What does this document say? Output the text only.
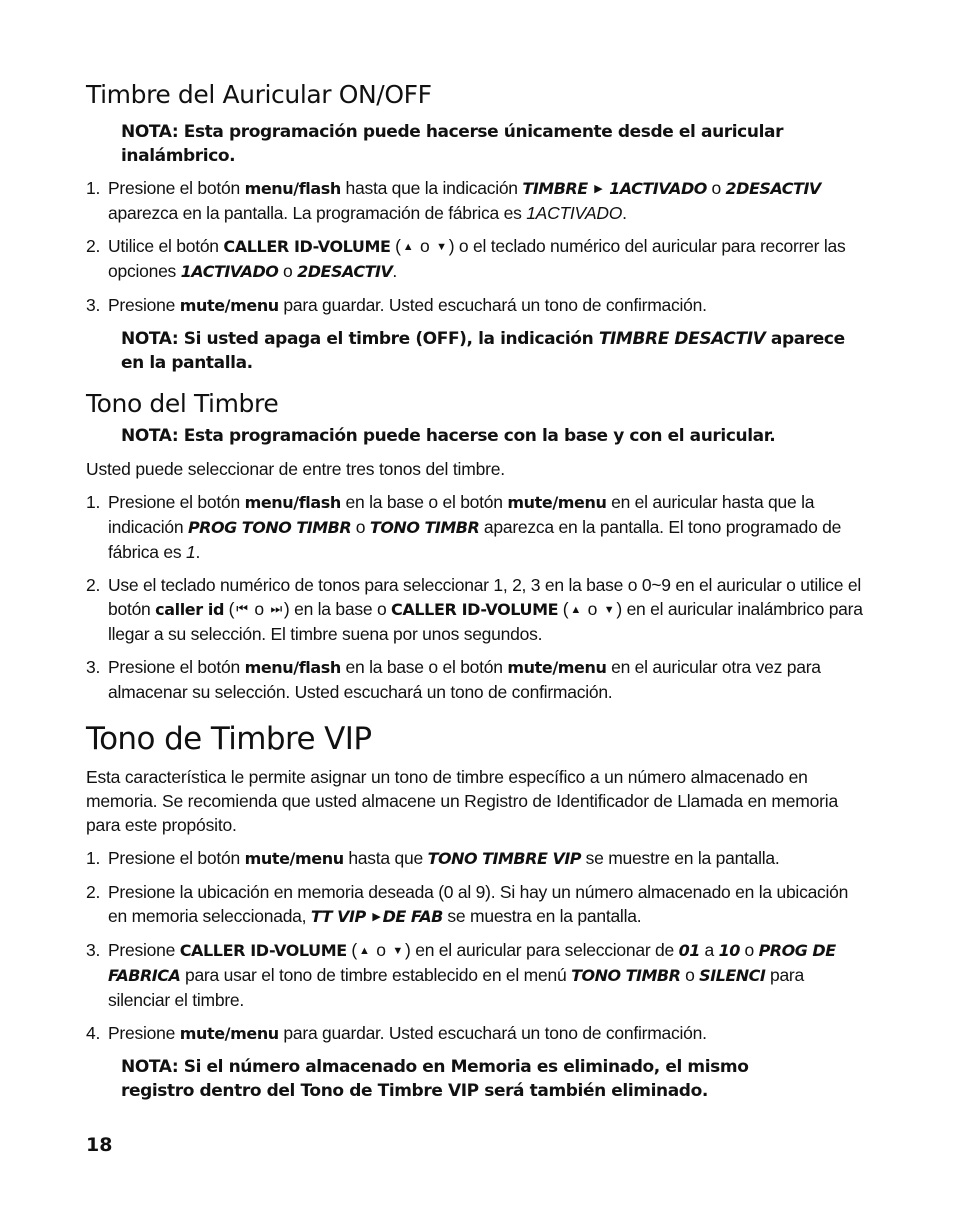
Timbre del Auricular ON/OFF

NOTA: Esta programación puede hacerse únicamente desde el auricular inalámbrico.

1. Presione el botón menu/flash hasta que la indicación TIMBRE ▶ 1ACTIVADO o 2DESACTIV aparezca en la pantalla. La programación de fábrica es 1ACTIVADO.
2. Utilice el botón CALLER ID-VOLUME ( ▲ o ▼ ) o el teclado numérico del auricular para recorrer las opciones 1ACTIVADO o 2DESACTIV.
3. Presione mute/menu para guardar. Usted escuchará un tono de confirmación.

NOTA: Si usted apaga el timbre (OFF), la indicación TIMBRE DESACTIV aparece en la pantalla.

Tono del Timbre

NOTA: Esta programación puede hacerse con la base y con el auricular.

Usted puede seleccionar de entre tres tonos del timbre.

1. Presione el botón menu/flash en la base o el botón mute/menu en el auricular hasta que la indicación PROG TONO TIMBR o TONO TIMBR aparezca en la pantalla. El tono programado de fábrica es 1.
2. Use el teclado numérico de tonos para seleccionar 1, 2, 3 en la base o 0~9 en el auricular o utilice el botón caller id ( ⏮ o ⏭ ) en la base o CALLER ID-VOLUME ( ▲ o ▼ ) en el auricular inalámbrico para llegar a su selección. El timbre suena por unos segundos.
3. Presione el botón menu/flash en la base o el botón mute/menu en el auricular otra vez para almacenar su selección. Usted escuchará un tono de confirmación.
Tono de Timbre VIP

Esta característica le permite asignar un tono de timbre específico a un número almacenado en memoria. Se recomienda que usted almacene un Registro de Identificador de Llamada en memoria para este propósito.

1. Presione el botón mute/menu hasta que TONO TIMBRE VIP se muestre en la pantalla.
2. Presione la ubicación en memoria deseada (0 al 9). Si hay un número almacenado en la ubicación en memoria seleccionada, TT VIP ▶ DE FAB se muestra en la pantalla.
3. Presione CALLER ID-VOLUME ( ▲ o ▼ ) en el auricular para seleccionar de 01 a 10 o PROG DE FABRICA para usar el tono de timbre establecido en el menú TONO TIMBR o SILENCI para silenciar el timbre.
4. Presione mute/menu para guardar. Usted escuchará un tono de confirmación.

NOTA: Si el número almacenado en Memoria es eliminado, el mismo registro dentro del Tono de Timbre VIP será también eliminado.

18
